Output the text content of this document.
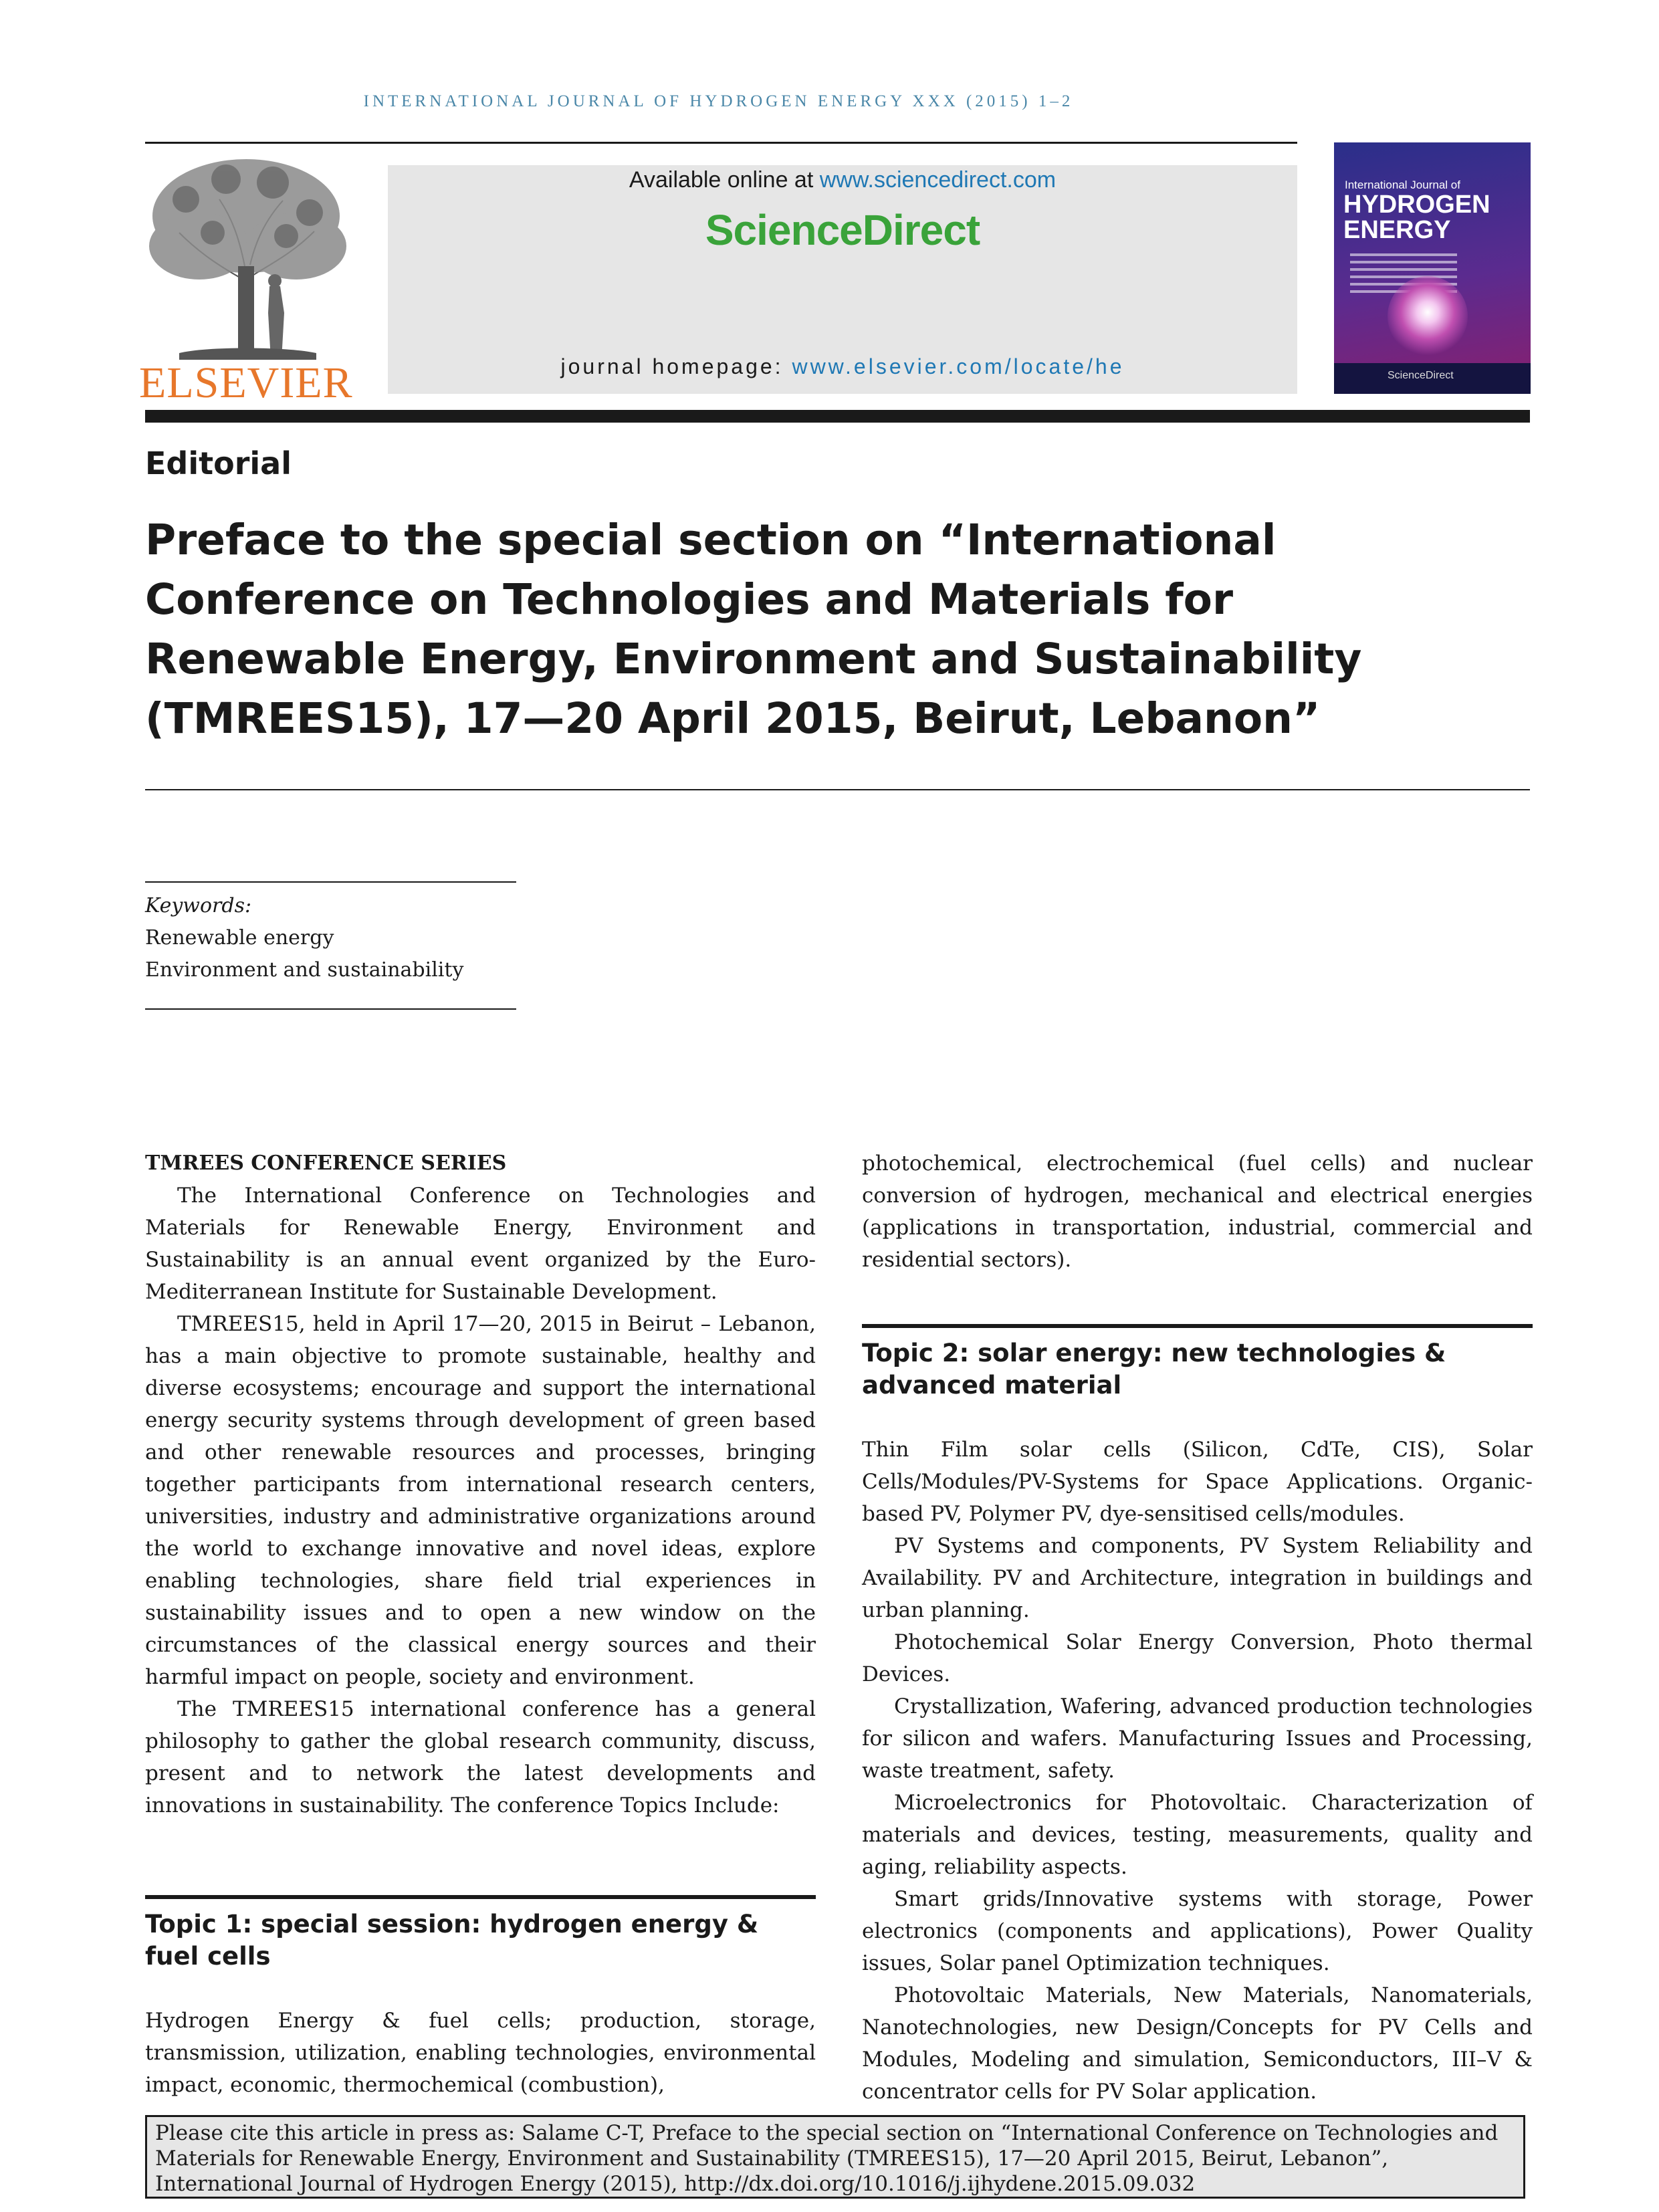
INTERNATIONAL JOURNAL OF HYDROGEN ENERGY XXX (2015) 1–2
ELSEVIER
Available online at www.sciencedirect.com
ScienceDirect
journal homepage: www.elsevier.com/locate/he
International Journal of
HYDROGEN
ENERGY
ScienceDirect
Editorial
Preface to the special section on “International
Conference on Technologies and Materials for
Renewable Energy, Environment and Sustainability
(TMREES15), 17—20 April 2015, Beirut, Lebanon”
Keywords:
Renewable energy
Environment and sustainability
TMREES CONFERENCE SERIES

The International Conference on Technologies and Materials for Renewable Energy, Environment and Sustainability is an annual event organized by the Euro-Mediterranean Institute for Sustainable Development.

TMREES15, held in April 17—20, 2015 in Beirut – Lebanon, has a main objective to promote sustainable, healthy and diverse ecosystems; encourage and support the international energy security systems through development of green based and other renewable resources and processes, bringing together participants from international research centers, universities, industry and administrative organizations around the world to exchange innovative and novel ideas, explore enabling technologies, share field trial experiences in sustainability issues and to open a new window on the circumstances of the classical energy sources and their harmful impact on people, society and environment.

The TMREES15 international conference has a general philosophy to gather the global research community, discuss, present and to network the latest developments and innovations in sustainability. The conference Topics Include:

Topic 1: special session: hydrogen energy & fuel cells

Hydrogen Energy & fuel cells; production, storage, transmission, utilization, enabling technologies, environmental impact, economic, thermochemical (combustion),

photochemical, electrochemical (fuel cells) and nuclear conversion of hydrogen, mechanical and electrical energies (applications in transportation, industrial, commercial and residential sectors).

Topic 2: solar energy: new technologies & advanced material

Thin Film solar cells (Silicon, CdTe, CIS), Solar Cells/Modules/PV-Systems for Space Applications. Organic-based PV, Polymer PV, dye-sensitised cells/modules.

PV Systems and components, PV System Reliability and Availability. PV and Architecture, integration in buildings and urban planning.

Photochemical Solar Energy Conversion, Photo thermal Devices.

Crystallization, Wafering, advanced production technologies for silicon and wafers. Manufacturing Issues and Processing, waste treatment, safety.

Microelectronics for Photovoltaic. Characterization of materials and devices, testing, measurements, quality and aging, reliability aspects.

Smart grids/Innovative systems with storage, Power electronics (components and applications), Power Quality issues, Solar panel Optimization techniques.

Photovoltaic Materials, New Materials, Nanomaterials, Nanotechnologies, new Design/Concepts for PV Cells and Modules, Modeling and simulation, Semiconductors, III–V & concentrator cells for PV Solar application.

Please cite this article in press as: Salame C-T, Preface to the special section on “International Conference on Technologies and Materials for Renewable Energy, Environment and Sustainability (TMREES15), 17—20 April 2015, Beirut, Lebanon”, International Journal of Hydrogen Energy (2015), http://dx.doi.org/10.1016/j.ijhydene.2015.09.032
